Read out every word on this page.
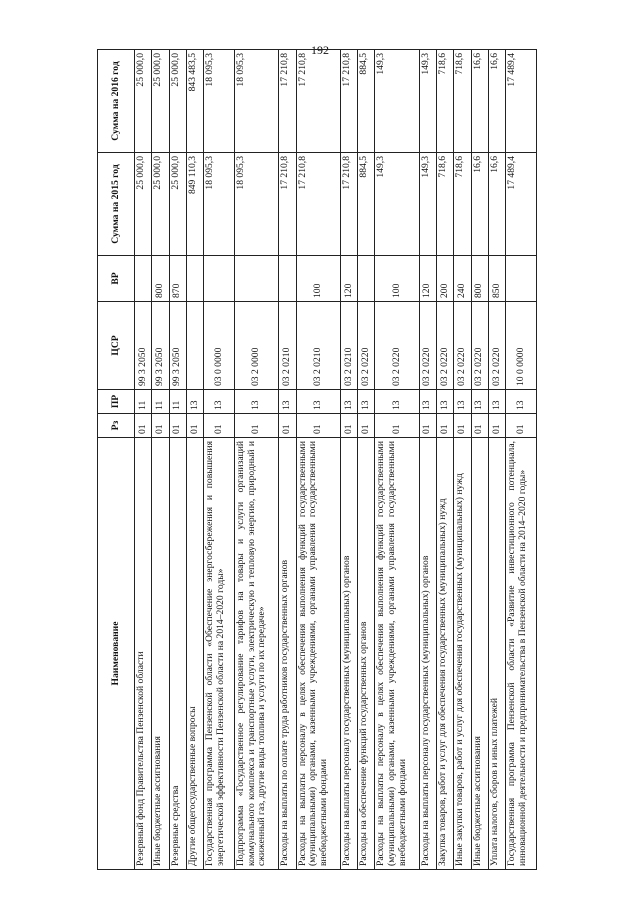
192
Наименование	Рз	ПР	ЦСР	ВР	Сумма на 2015 год	Сумма на 2016 год
Резервный фонд Правительства Пензенской области	01	11	99 3 2050		25 000,0	25 000,0
Иные бюджетные ассигнования	01	11	99 3 2050	800	25 000,0	25 000,0
Резервные средства	01	11	99 3 2050	870	25 000,0	25 000,0
Другие общегосударственные вопросы	01	13			849 110,3	843 483,5
Государственная программа Пензенской области «Обеспечение энергосбережения и повышения энергетической эффективности Пензенской области на 2014–2020 годы»	01	13	03 0 0000		18 095,3	18 095,3
Подпрограмма «Государственное регулирование тарифов на товары и услуги организаций коммунального комплекса и транспортные услуги, электрическую и тепловую энергию, природный и сжиженный газ, другие виды топлива и услуги по их передаче»	01	13	03 2 0000		18 095,3	18 095,3
Расходы на выплаты по оплате труда работников государственных органов	01	13	03 2 0210		17 210,8	17 210,8
Расходы на выплаты персоналу в целях обеспечения выполнения функций государственными (муниципальными) органами, казенными учреждениями, органами управления государственными внебюджетными фондами	01	13	03 2 0210	100	17 210,8	17 210,8
Расходы на выплаты персоналу государственных (муниципальных) органов	01	13	03 2 0210	120	17 210,8	17 210,8
Расходы на обеспечение функций государственных органов	01	13	03 2 0220		884,5	884,5
Расходы на выплаты персоналу в целях обеспечения выполнения функций государственными (муниципальными) органами, казенными учреждениями, органами управления государственными внебюджетными фондами	01	13	03 2 0220	100	149,3	149,3
Расходы на выплаты персоналу государственных (муниципальных) органов	01	13	03 2 0220	120	149,3	149,3
Закупка товаров, работ и услуг для обеспечения государственных (муниципальных) нужд	01	13	03 2 0220	200	718,6	718,6
Иные закупки товаров, работ и услуг для обеспечения государственных (муниципальных) нужд	01	13	03 2 0220	240	718,6	718,6
Иные бюджетные ассигнования	01	13	03 2 0220	800	16,6	16,6
Уплата налогов, сборов и иных платежей	01	13	03 2 0220	850	16,6	16,6
Государственная программа Пензенской области «Развитие инвестиционного потенциала, инновационной деятельности и предпринимательства в Пензенской области на 2014–2020 годы»	01	13	10 0 0000		17 489,4	17 489,4
